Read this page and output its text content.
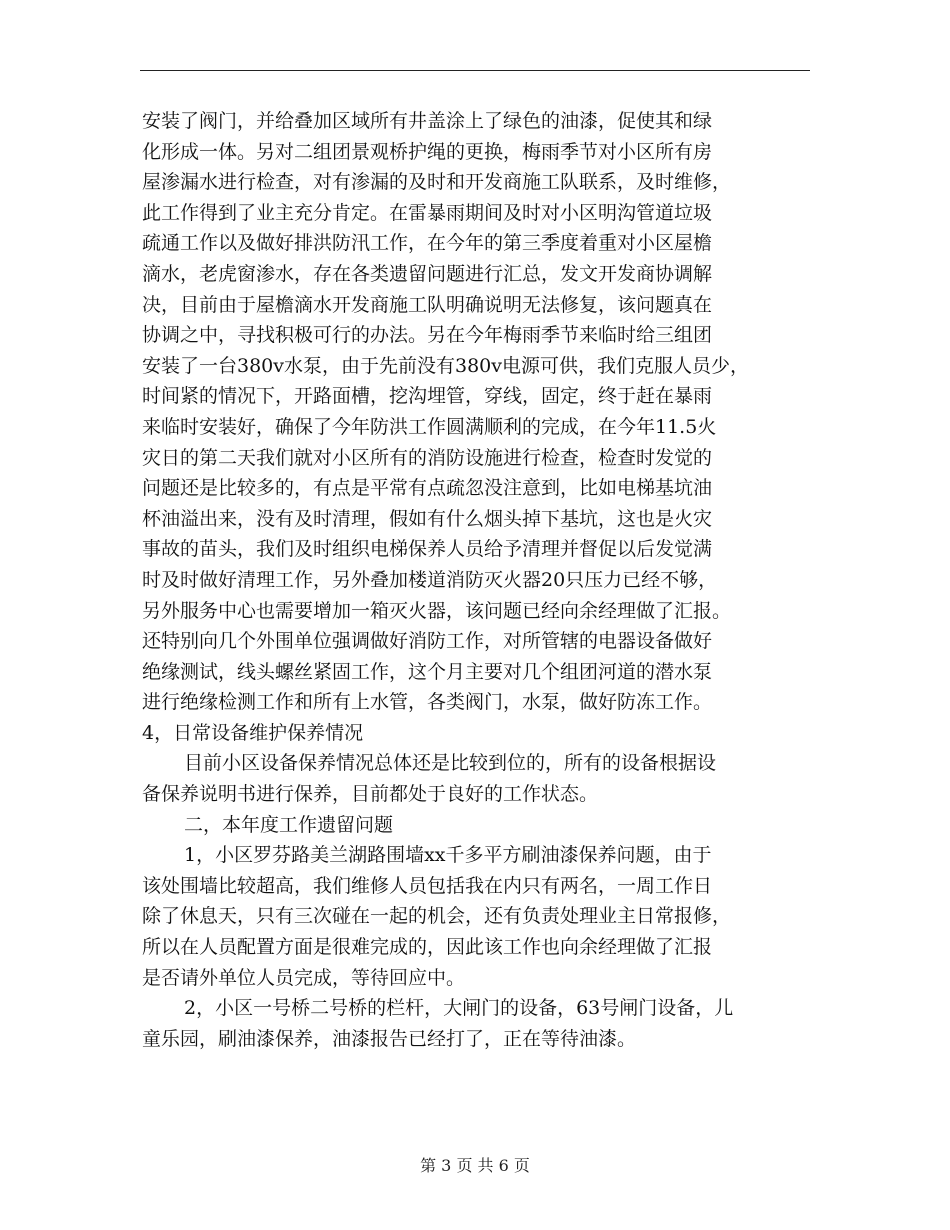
安装了阀门，并给叠加区域所有井盖涂上了绿色的油漆，促使其和绿
化形成一体。另对二组团景观桥护绳的更换，梅雨季节对小区所有房
屋渗漏水进行检查，对有渗漏的及时和开发商施工队联系，及时维修，
此工作得到了业主充分肯定。在雷暴雨期间及时对小区明沟管道垃圾
疏通工作以及做好排洪防汛工作，在今年的第三季度着重对小区屋檐
滴水，老虎窗渗水，存在各类遗留问题进行汇总，发文开发商协调解
决，目前由于屋檐滴水开发商施工队明确说明无法修复，该问题真在
协调之中，寻找积极可行的办法。另在今年梅雨季节来临时给三组团
安装了一台380v水泵，由于先前没有380v电源可供，我们克服人员少，
时间紧的情况下，开路面槽，挖沟埋管，穿线，固定，终于赶在暴雨
来临时安装好，确保了今年防洪工作圆满顺利的完成，在今年11.5火
灾日的第二天我们就对小区所有的消防设施进行检查，检查时发觉的
问题还是比较多的，有点是平常有点疏忽没注意到，比如电梯基坑油
杯油溢出来，没有及时清理，假如有什么烟头掉下基坑，这也是火灾
事故的苗头，我们及时组织电梯保养人员给予清理并督促以后发觉满
时及时做好清理工作，另外叠加楼道消防灭火器20只压力已经不够，
另外服务中心也需要增加一箱灭火器，该问题已经向余经理做了汇报。
还特别向几个外围单位强调做好消防工作，对所管辖的电器设备做好
绝缘测试，线头螺丝紧固工作，这个月主要对几个组团河道的潜水泵
进行绝缘检测工作和所有上水管，各类阀门，水泵，做好防冻工作。
4，日常设备维护保养情况
目前小区设备保养情况总体还是比较到位的，所有的设备根据设
备保养说明书进行保养，目前都处于良好的工作状态。
二，本年度工作遗留问题
1，小区罗芬路美兰湖路围墙xx千多平方刷油漆保养问题，由于
该处围墙比较超高，我们维修人员包括我在内只有两名，一周工作日
除了休息天，只有三次碰在一起的机会，还有负责处理业主日常报修，
所以在人员配置方面是很难完成的，因此该工作也向余经理做了汇报
是否请外单位人员完成，等待回应中。
2，小区一号桥二号桥的栏杆，大闸门的设备，63号闸门设备，儿
童乐园，刷油漆保养，油漆报告已经打了，正在等待油漆。
第 3 页 共 6 页
